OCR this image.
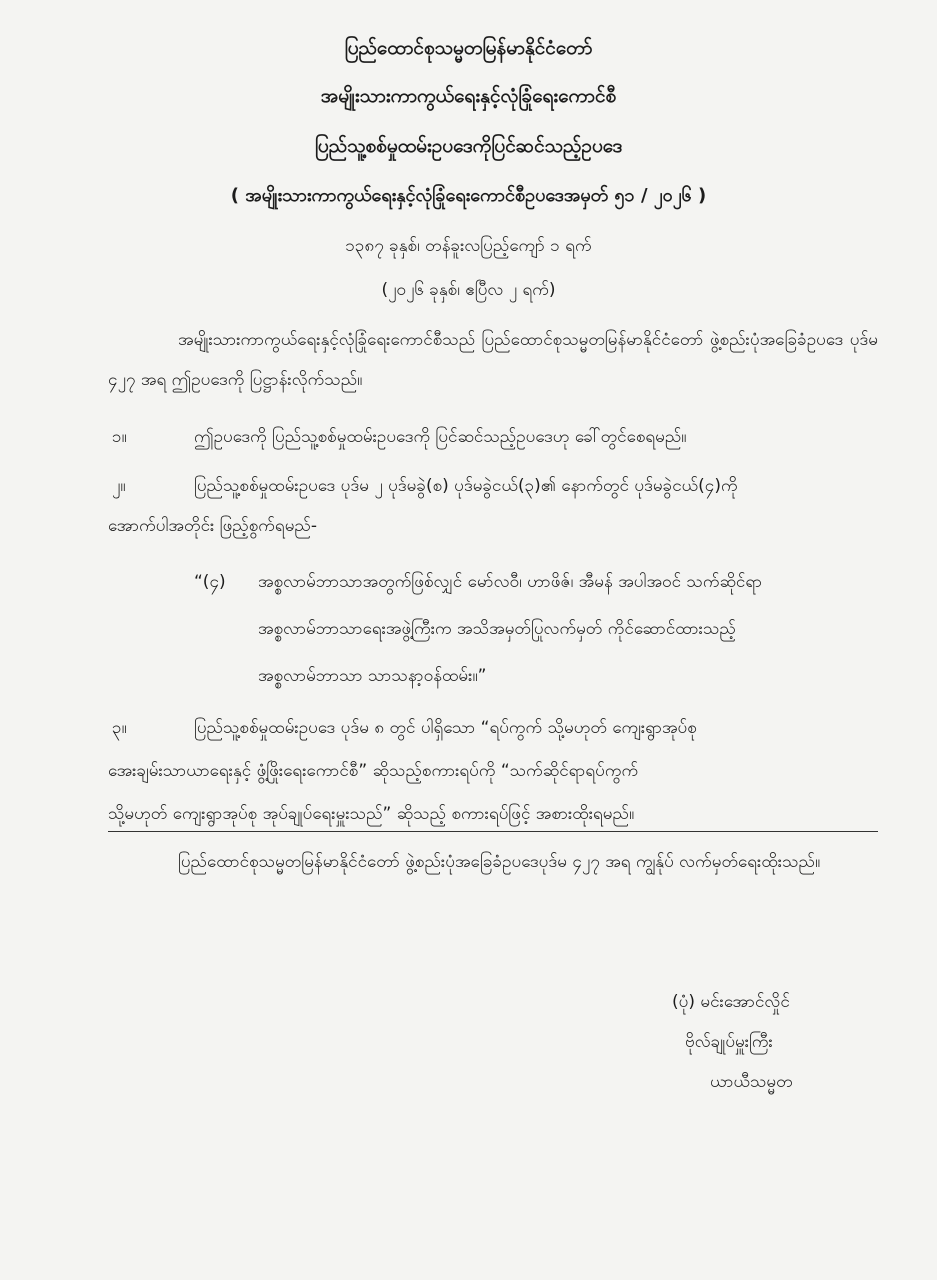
ပြည်ထောင်စုသမ္မတမြန်မာနိုင်ငံတော်
အမျိုးသားကာကွယ်ရေးနှင့်လုံခြုံရေးကောင်စီ
ပြည်သူ့စစ်မှုထမ်းဥပဒေကိုပြင်ဆင်သည့်ဥပဒေ
( အမျိုးသားကာကွယ်ရေးနှင့်လုံခြုံရေးကောင်စီဥပဒေအမှတ် ၅၁ / ၂၀၂၆ )
၁၃၈၇ ခုနှစ်၊ တန်ခူးလပြည့်ကျော် ၁ ရက်
(၂၀၂၆ ခုနှစ်၊ ဧပြီလ ၂ ရက်)
အမျိုးသားကာကွယ်ရေးနှင့်လုံခြုံရေးကောင်စီသည် ပြည်ထောင်စုသမ္မတမြန်မာနိုင်ငံတော် ဖွဲ့စည်းပုံအခြေခံဥပဒေ ပုဒ်မ ၄၂၇ အရ ဤဥပဒေကို ပြဋ္ဌာန်းလိုက်သည်။
၁။	ဤဥပဒေကို ပြည်သူ့စစ်မှုထမ်းဥပဒေကို ပြင်ဆင်သည့်ဥပဒေဟု ခေါ်တွင်စေရမည်။
၂။	ပြည်သူ့စစ်မှုထမ်းဥပဒေ ပုဒ်မ ၂ ပုဒ်မခွဲ(စ) ပုဒ်မခွဲငယ်(၃)၏ နောက်တွင် ပုဒ်မခွဲငယ်(၄)ကို
အောက်ပါအတိုင်း ဖြည့်စွက်ရမည်-
“(၄) အစ္စလာမ်ဘာသာအတွက်ဖြစ်လျှင် မော်လဝီ၊ ဟာဖိဇ်၊ အီမန် အပါအဝင် သက်ဆိုင်ရာ
အစ္စလာမ်ဘာသာရေးအဖွဲ့ကြီးက အသိအမှတ်ပြုလက်မှတ် ကိုင်ဆောင်ထားသည့်
အစ္စလာမ်ဘာသာ သာသနာ့ဝန်ထမ်း။”
၃။	ပြည်သူ့စစ်မှုထမ်းဥပဒေ ပုဒ်မ ၈ တွင် ပါရှိသော “ရပ်ကွက် သို့မဟုတ် ကျေးရွာအုပ်စု
အေးချမ်းသာယာရေးနှင့် ဖွံ့ဖြိုးရေးကောင်စီ” ဆိုသည့်စကားရပ်ကို “သက်ဆိုင်ရာရပ်ကွက်
သို့မဟုတ် ကျေးရွာအုပ်စု အုပ်ချုပ်ရေးမှူးသည်” ဆိုသည့် စကားရပ်ဖြင့် အစားထိုးရမည်။
ပြည်ထောင်စုသမ္မတမြန်မာနိုင်ငံတော် ဖွဲ့စည်းပုံအခြေခံဥပဒေပုဒ်မ ၄၂၇ အရ ကျွန်ုပ် လက်မှတ်ရေးထိုးသည်။
(ပုံ) မင်းအောင်လှိုင်
ဗိုလ်ချုပ်မှူးကြီး
ယာယီသမ္မတ
